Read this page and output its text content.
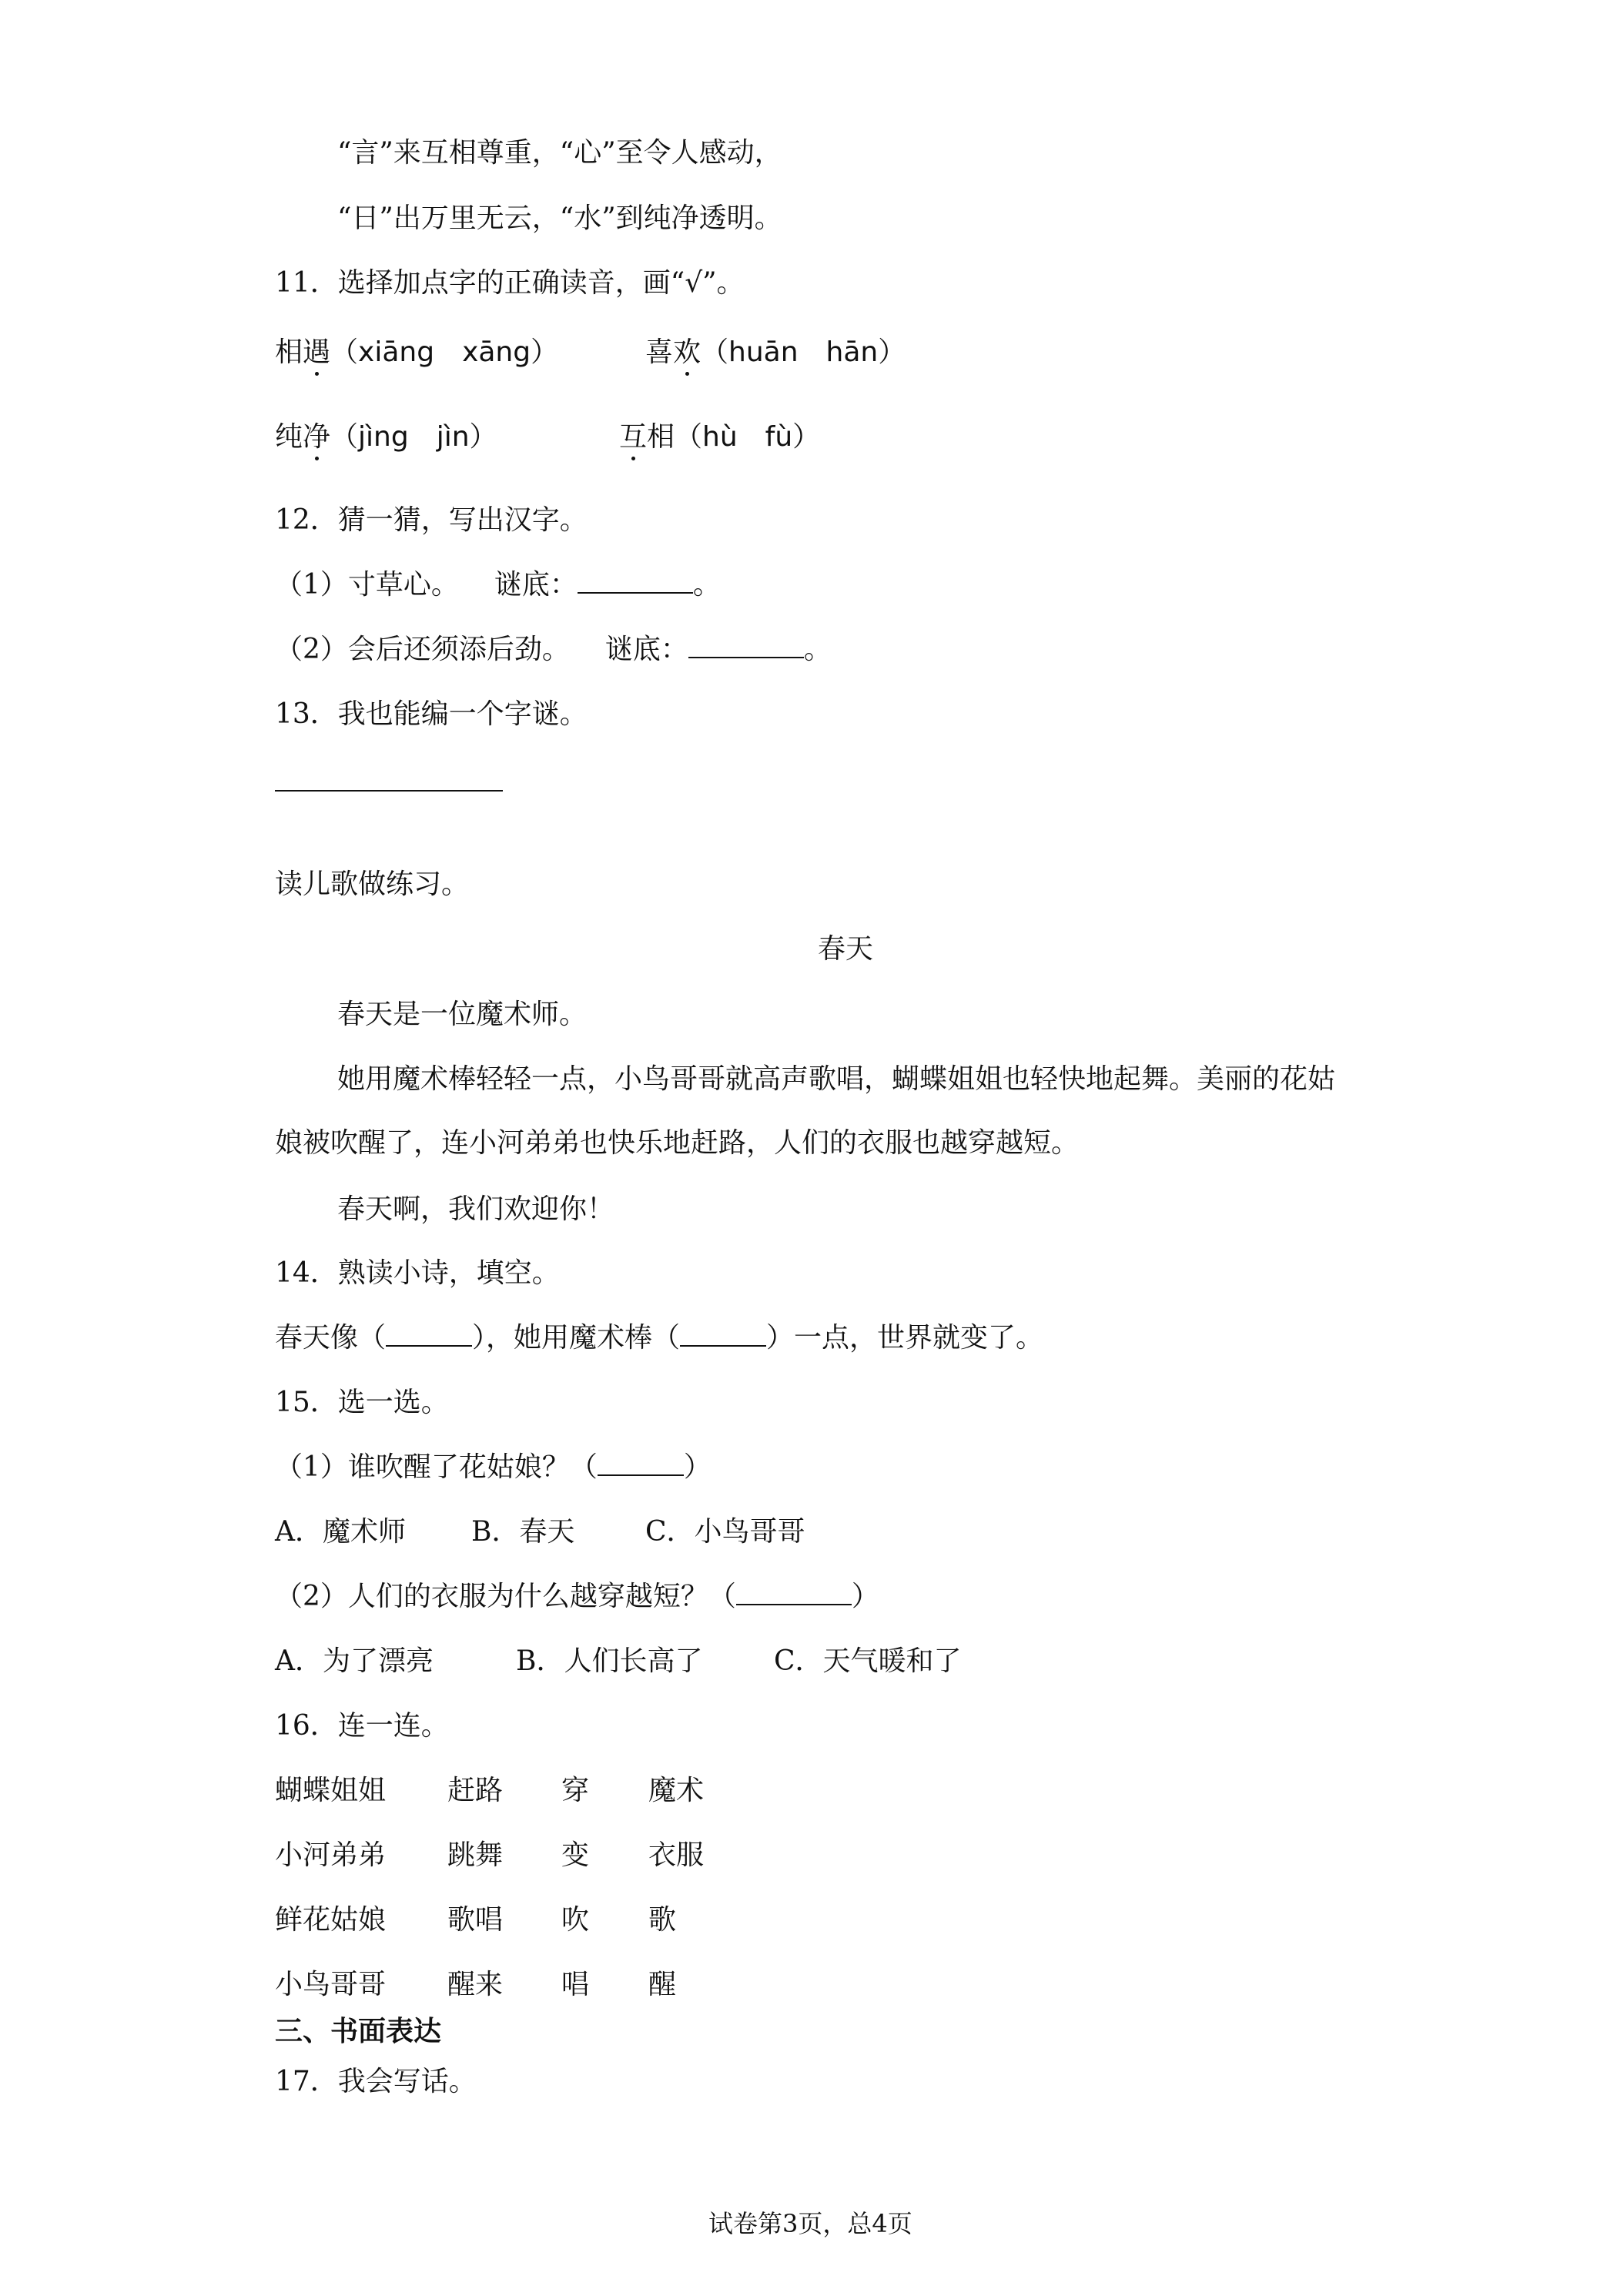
“言”来互相尊重，“心”至令人感动，
“日”出万里无云，“水”到纯净透明。
11．选择加点字的正确读音，画“√”。
相遇（xiāng　xāng）	喜欢（huān　hān）
纯净（jìng　jìn）	互相（hù　fù）
12．猜一猜，写出汉字。
（1）寸草心。 谜底：	。
（2）会后还须添后劲。 谜底：	。
13．我也能编一个字谜。
读儿歌做练习。
春天
春天是一位魔术师。
她用魔术棒轻轻一点，小鸟哥哥就高声歌唱，蝴蝶姐姐也轻快地起舞。美丽的花姑
娘被吹醒了，连小河弟弟也快乐地赶路，人们的衣服也越穿越短。
春天啊，我们欢迎你！
14．熟读小诗，填空。
春天像（	），她用魔术棒（	）一点，世界就变了。
15．选一选。
（1）谁吹醒了花姑娘？（	）
A．魔术师 B．春天	C．小鸟哥哥
（2）人们的衣服为什么越穿越短？（	）
A．为了漂亮	B．人们长高了	C．天气暖和了
16．连一连。
蝴蝶姐姐 赶路 穿 魔术
小河弟弟 跳舞 变 衣服
鲜花姑娘 歌唱 吹 歌
小鸟哥哥 醒来 唱 醒
三、书面表达
17．我会写话。
试卷第3页，总4页
